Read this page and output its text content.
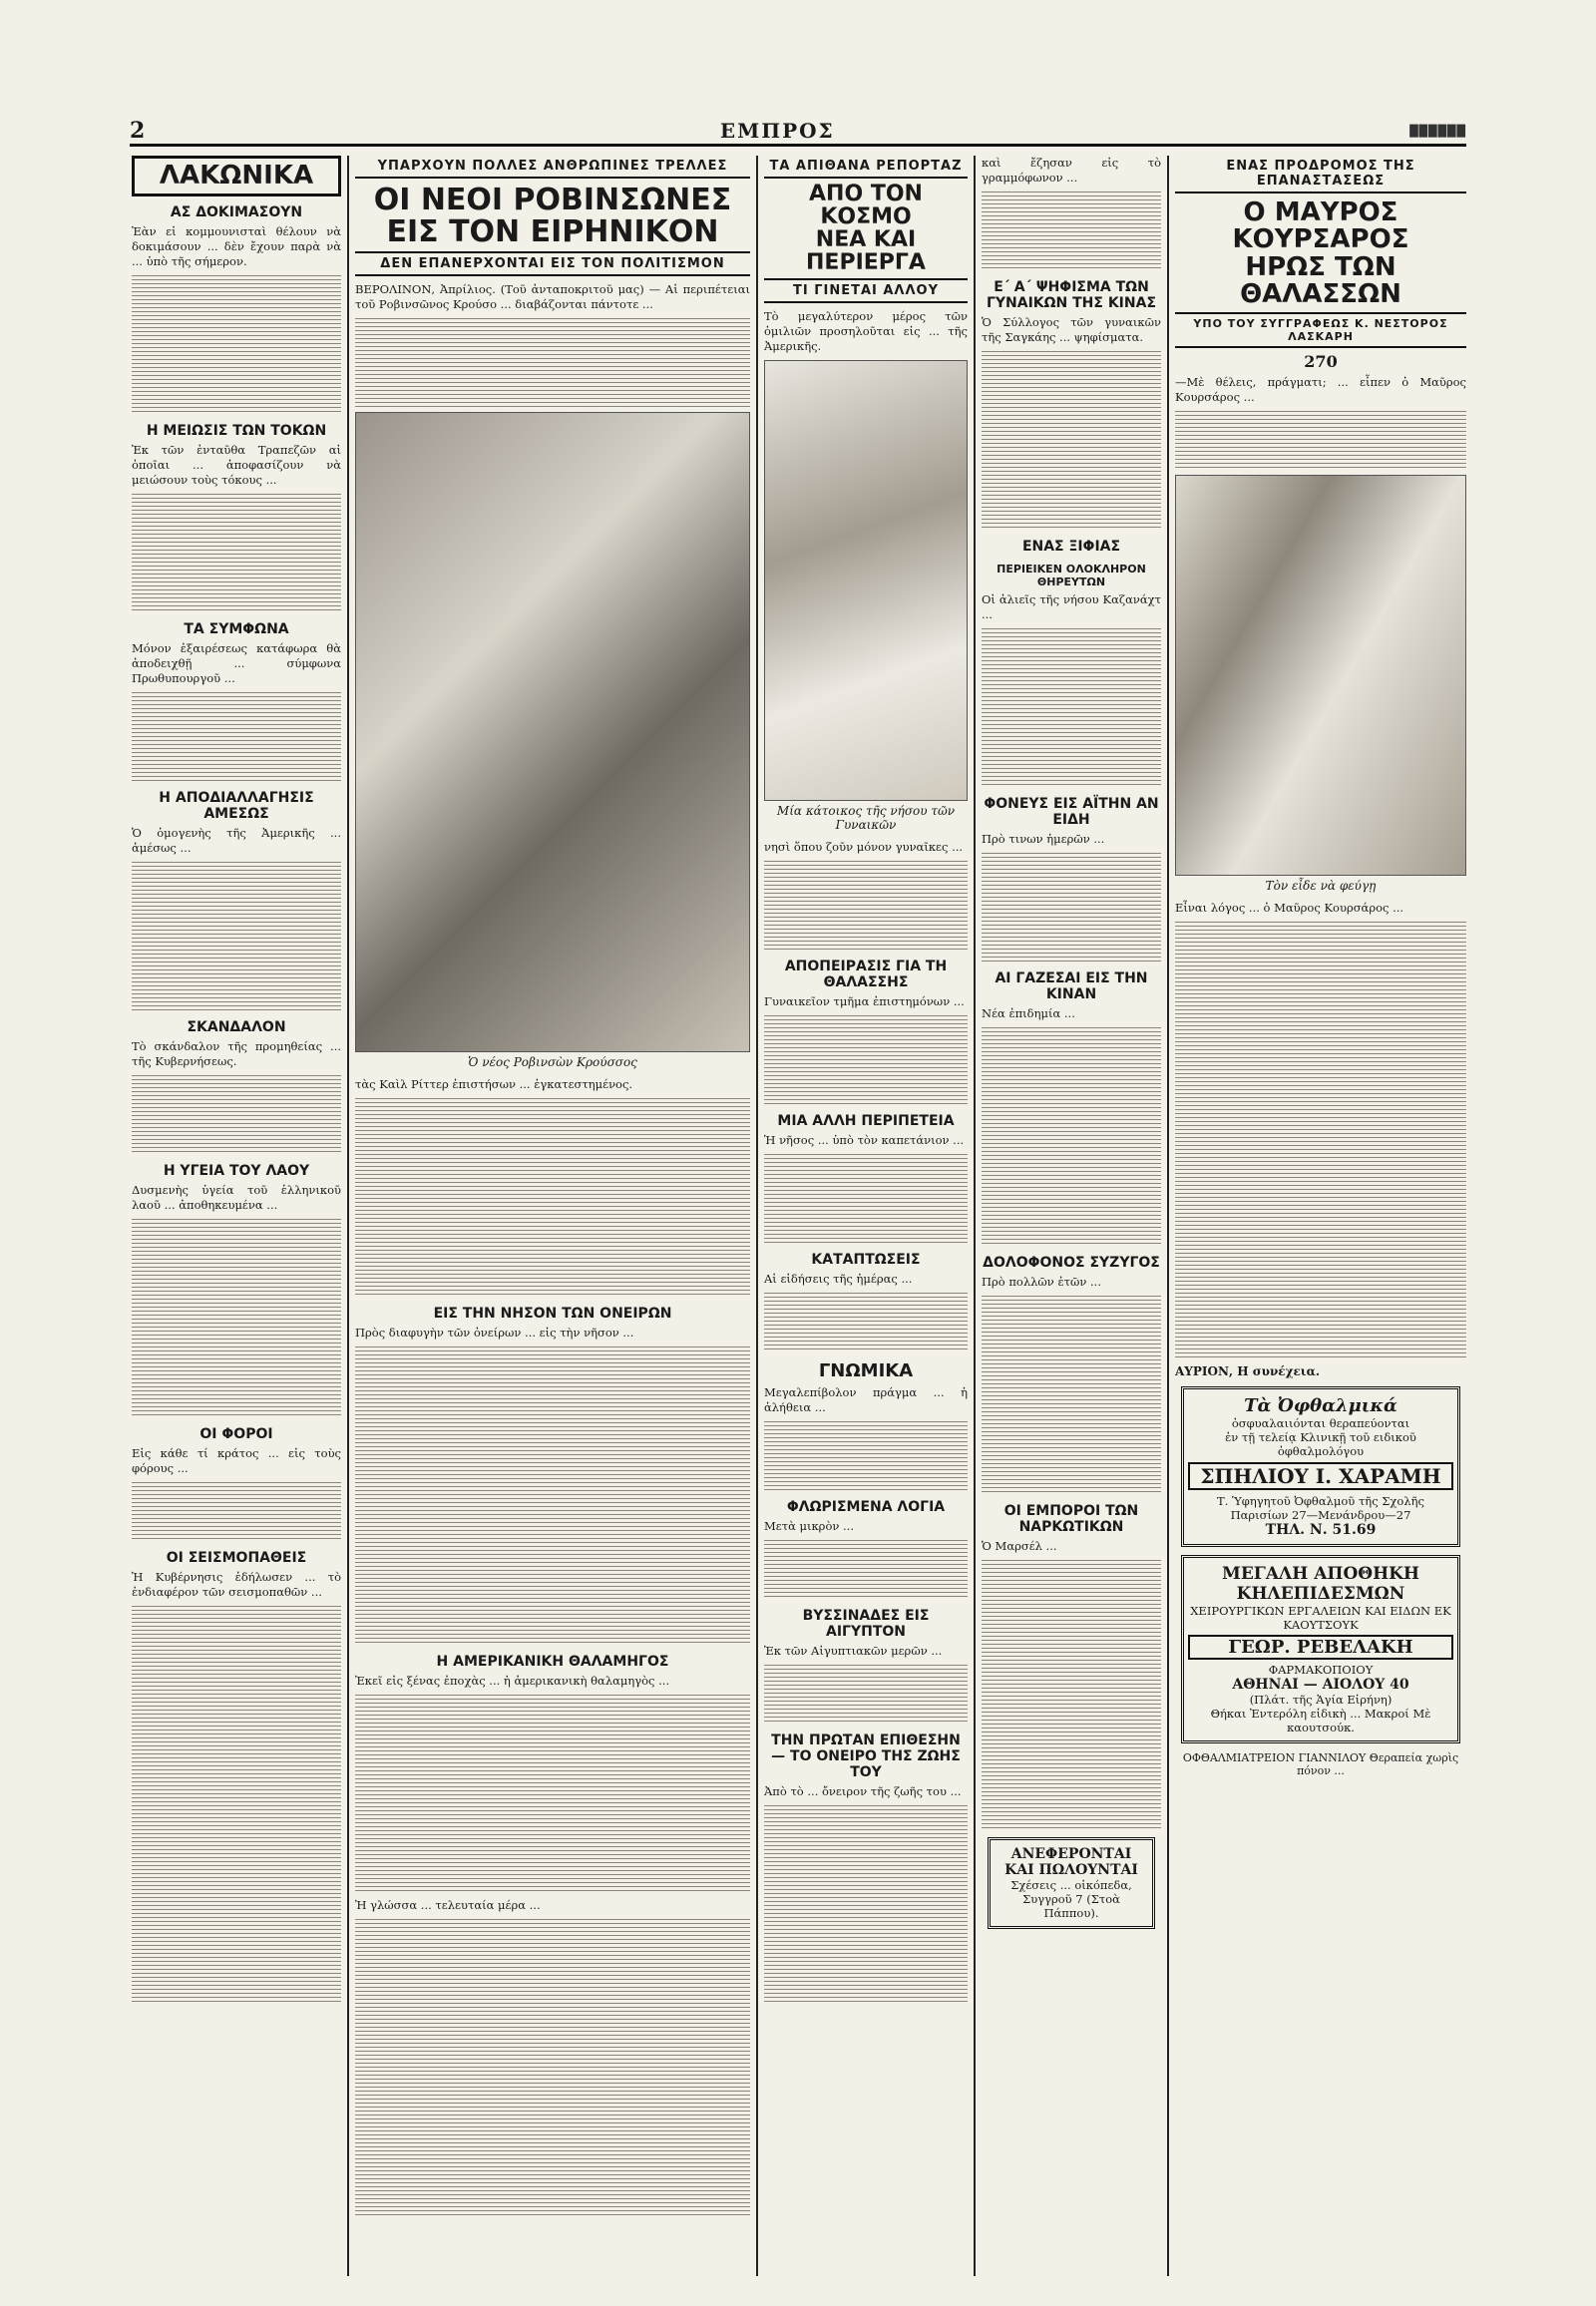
2	ΕΜΠΡΟΣ	██████
ΛΑΚΩΝΙΚΑ
ΑΣ ΔΟΚΙΜΑΣΟΥΝ

Ἐὰν εἰ κομμουνισταὶ θέλουν νὰ δοκιμάσουν ... δὲν ἔχουν παρὰ νὰ ... ὑπὸ τῆς σήμερον.

Η ΜΕΙΩΣΙΣ ΤΩΝ ΤΟΚΩΝ

Ἐκ τῶν ἐνταῦθα Τραπεζῶν αἱ ὁποῖαι ... ἀποφασίζουν νὰ μειώσουν τοὺς τόκους ...

ΤΑ ΣΥΜΦΩΝΑ

Μόνον ἐξαιρέσεως κατάφωρα θὰ ἀποδειχθῇ ... σύμφωνα Πρωθυπουργοῦ ...

Η ΑΠΟΔΙΑΛΛΑΓΗΣΙΣ ΑΜΕΣΩΣ

Ὁ ὁμογενὴς τῆς Ἀμερικῆς ... ἀμέσως ...

ΣΚΑΝΔΑΛΟΝ

Τὸ σκάνδαλον τῆς προμηθείας ... τῆς Κυβερνήσεως.

Η ΥΓΕΙΑ ΤΟΥ ΛΑΟΥ

Δυσμενὴς ὑγεία τοῦ ἑλληνικοῦ λαοῦ ... ἀποθηκευμένα ...

ΟΙ ΦΟΡΟΙ

Εἰς κάθε τί κράτος ... εἰς τοὺς φόρους ...

ΟΙ ΣΕΙΣΜΟΠΑΘΕΙΣ

Ἡ Κυβέρνησις ἐδήλωσεν ... τὸ ἐνδιαφέρον τῶν σεισμοπαθῶν ...

ΥΠΑΡΧΟΥΝ ΠΟΛΛΕΣ ΑΝΘΡΩΠΙΝΕΣ ΤΡΕΛΛΕΣ
ΟΙ ΝΕΟΙ ΡΟΒΙΝΣΩΝΕΣ
ΕΙΣ ΤΟΝ ΕΙΡΗΝΙΚΟΝ
ΔΕΝ ΕΠΑΝΕΡΧΟΝΤΑΙ ΕΙΣ ΤΟΝ ΠΟΛΙΤΙΣΜΟΝ

ΒΕΡΟΛΙΝΟΝ, Ἀπρίλιος. (Τοῦ ἀνταποκριτοῦ μας) — Αἱ περιπέτειαι τοῦ Ροβινσῶνος Κρούσο ... διαβάζονται πάντοτε ...

Ὁ νέος Ροβινσὼν Κρούσσος

τὰς Καὶλ Ρίττερ ἐπιστήσων ... ἐγκατεστημένος.

ΕΙΣ ΤΗΝ ΝΗΣΟΝ ΤΩΝ ΟΝΕΙΡΩΝ

Πρὸς διαφυγὴν τῶν ὀνείρων ... εἰς τὴν νῆσον ...

Η ΑΜΕΡΙΚΑΝΙΚΗ ΘΑΛΑΜΗΓΟΣ

Ἐκεῖ εἰς ξένας ἐποχὰς ... ἡ ἀμερικανικὴ θαλαμηγὸς ...

Ἠ γλώσσα ... τελευταία μέρα ...

ΤΑ ΑΠΙΘΑΝΑ ΡΕΠΟΡΤΑΖ
ΑΠΟ ΤΟΝ ΚΟΣΜΟ
ΝΕΑ ΚΑΙ ΠΕΡΙΕΡΓΑ
ΤΙ ΓΙΝΕΤΑΙ ΑΛΛΟΥ

Τὸ μεγαλύτερον μέρος τῶν ὁμιλιῶν προσηλοῦται εἰς ... τῆς Ἀμερικῆς.

Μία κάτοικος τῆς νήσου τῶν Γυναικῶν

νησὶ ὅπου ζοῦν μόνον γυναῖκες ...

ΑΠΟΠΕΙΡΑΣΙΣ ΓΙΑ ΤΗ ΘΑΛΑΣΣΗΣ

Γυναικεῖον τμῆμα ἐπιστημόνων ...

ΜΙΑ ΑΛΛΗ ΠΕΡΙΠΕΤΕΙΑ

Ἡ νῆσος ... ὑπὸ τὸν καπετάνιον ...

ΚΑΤΑΠΤΩΣΕΙΣ

Αἱ εἰδήσεις τῆς ἡμέρας ...

ΓΝΩΜΙΚΑ

Μεγαλεπίβολον πράγμα ... ἡ ἀλήθεια ...

ΦΛΩΡΙΣΜΕΝΑ ΛΟΓΙΑ

Μετὰ μικρὸν ...

ΒΥΣΣΙΝΑΔΕΣ ΕΙΣ ΑΙΓΥΠΤΟΝ

Ἐκ τῶν Αἰγυπτιακῶν μερῶν ...

ΤΗΝ ΠΡΩΤΑΝ ΕΠΙΘΕΣΗΝ — ΤΟ ΟΝΕΙΡΟ ΤΗΣ ΖΩΗΣ ΤΟΥ

Ἀπὸ τὸ ... ὄνειρον τῆς ζωῆς του ...

καὶ ἔζησαν εἰς τὸ γραμμόφωνον ...

Ε΄ Α΄ ΨΗΦΙΣΜΑ ΤΩΝ ΓΥΝΑΙΚΩΝ ΤΗΣ ΚΙΝΑΣ

Ὁ Σύλλογος τῶν γυναικῶν τῆς Σαγκάης ... ψηφίσματα.

ΕΝΑΣ ΞΙΦΙΑΣ
ΠΕΡΙΕΙΚΕΝ ΟΛΟΚΛΗΡΟΝ ΘΗΡΕΥΤΩΝ

Οἱ ἀλιεῖς τῆς νήσου Καζανάχτ ...

ΦΟΝΕΥΣ ΕΙΣ ΑΪΤΗΝ ΑΝ ΕΙΔΗ

Πρὸ τινων ἡμερῶν ...

ΑΙ ΓΑΖΕΣΑΙ ΕΙΣ ΤΗΝ ΚΙΝΑΝ

Νέα ἐπιδημία ...

ΔΟΛΟΦΟΝΟΣ ΣΥΖΥΓΟΣ

Πρὸ πολλῶν ἐτῶν ...

ΟΙ ΕΜΠΟΡΟΙ ΤΩΝ ΝΑΡΚΩΤΙΚΩΝ

Ὁ Μαρσέλ ...

ΑΝΕΦΕΡΟΝΤΑΙ ΚΑΙ ΠΩΛΟΥΝΤΑΙ
Σχέσεις ... οἰκόπεδα, Συγγροῦ 7 (Στοὰ Πάππου).
ΕΝΑΣ ΠΡΟΔΡΟΜΟΣ ΤΗΣ ΕΠΑΝΑΣΤΑΣΕΩΣ
Ο ΜΑΥΡΟΣ ΚΟΥΡΣΑΡΟΣ
ΗΡΩΣ ΤΩΝ ΘΑΛΑΣΣΩΝ
ΥΠΟ ΤΟΥ ΣΥΓΓΡΑΦΕΩΣ Κ. ΝΕΣΤΟΡΟΣ ΛΑΣΚΑΡΗ
270

—Μὲ θέλεις, πράγματι; ... εἶπεν ὁ Μαῦρος Κουρσάρος ...

Τὸν εἶδε νὰ φεύγῃ

Εἶναι λόγος ... ὁ Μαῦρος Κουρσάρος ...

ΑΥΡΙΟΝ, Η συνέχεια.
Τὰ Ὀφθαλμικά
ὀσφυαλαιιόνται θεραπεύονται
ἐν τῇ τελείᾳ Κλινικῇ τοῦ ειδικοῦ ὀφθαλμολόγου
ΣΠΗΛΙΟΥ Ι. ΧΑΡΑΜΗ
Τ. Ὑφηγητοῦ Ὀφθαλμοῦ τῆς Σχολῆς Παρισίων 27—Μενάνδρου—27
ΤΗΛ. Ν. 51.69
ΜΕΓΑΛΗ ΑΠΟΘΗΚΗ
ΚΗΛΕΠΙΔΕΣΜΩΝ
ΧΕΙΡΟΥΡΓΙΚΩΝ ΕΡΓΑΛΕΙΩΝ ΚΑΙ ΕΙΔΩΝ ΕΚ ΚΑΟΥΤΣΟΥΚ
ΓΕΩΡ. ΡΕΒΕΛΑΚΗ
ΦΑΡΜΑΚΟΠΟΙΟΥ
ΑΘΗΝΑΙ — ΑΙΟΛΟΥ 40
(Πλάτ. τῆς Ἁγία Εἰρήνη)
Θήκαι Ἐντερόλη εἰδικὴ ... Μακροί Μὲ καουτσούκ.
ΟΦΘΑΛΜΙΑΤΡΕΙΟΝ ΓΙΑΝΝΙΛΟΥ Θεραπεία χωρὶς πόνον ...
